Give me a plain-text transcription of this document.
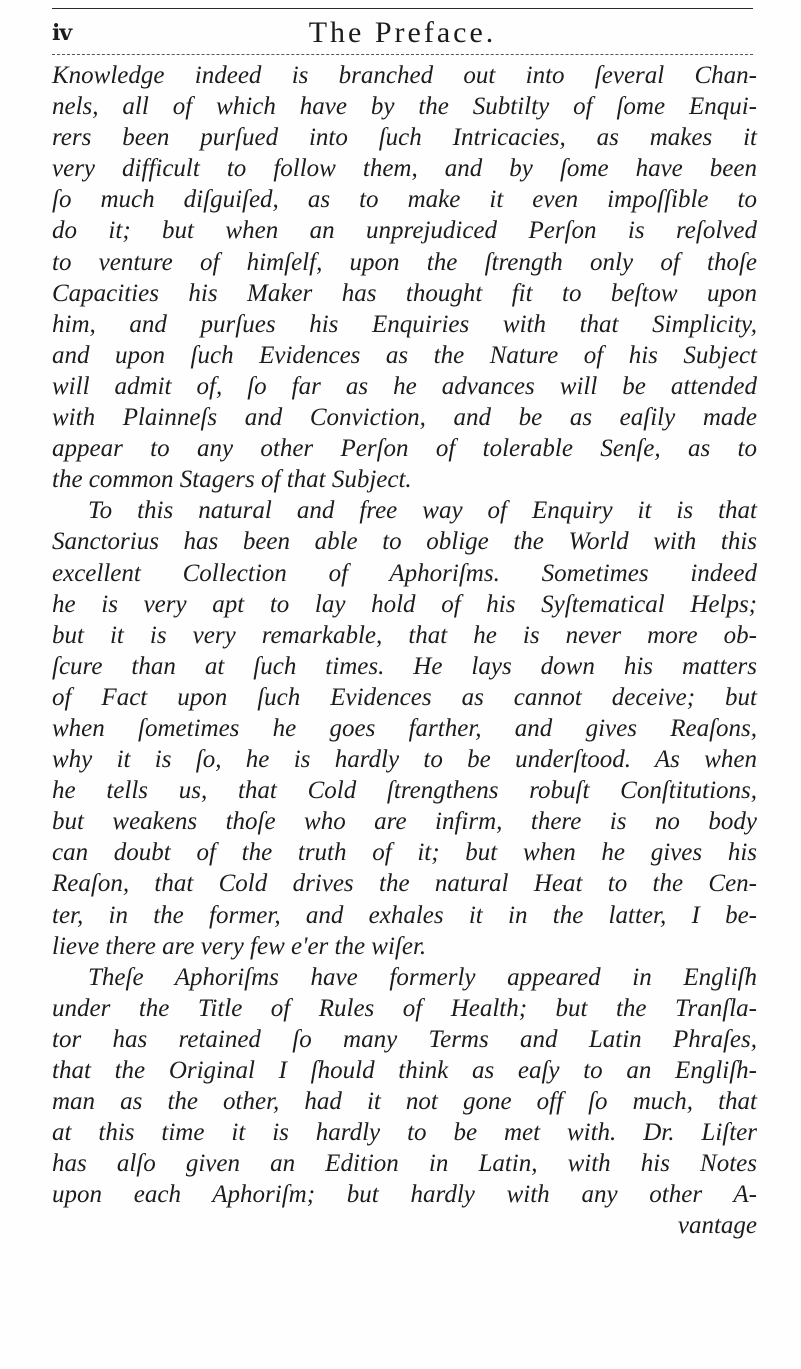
iv	The Preface.
Knowledge indeed is branched out into ſeveral Chan-
nels, all of which have by the Subtilty of ſome Enqui-
rers been purſued into ſuch Intricacies, as makes it
very difficult to follow them, and by ſome have been
ſo much diſguiſed, as to make it even impoſſible to
do it; but when an unprejudiced Perſon is reſolved
to venture of himſelf, upon the ſtrength only of thoſe
Capacities his Maker has thought fit to beſtow upon
him, and purſues his Enquiries with that Simplicity,
and upon ſuch Evidences as the Nature of his Subject
will admit of, ſo far as he advances will be attended
with Plainneſs and Conviction, and be as eaſily made
appear to any other Perſon of tolerable Senſe, as to
the common Stagers of that Subject.
To this natural and free way of Enquiry it is that
Sanctorius has been able to oblige the World with this
excellent Collection of Aphoriſms. Sometimes indeed
he is very apt to lay hold of his Syſtematical Helps;
but it is very remarkable, that he is never more ob-
ſcure than at ſuch times. He lays down his matters
of Fact upon ſuch Evidences as cannot deceive; but
when ſometimes he goes farther, and gives Reaſons,
why it is ſo, he is hardly to be underſtood. As when
he tells us, that Cold ſtrengthens robuſt Conſtitutions,
but weakens thoſe who are infirm, there is no body
can doubt of the truth of it; but when he gives his
Reaſon, that Cold drives the natural Heat to the Cen-
ter, in the former, and exhales it in the latter, I be-
lieve there are very few e'er the wiſer.
Theſe Aphoriſms have formerly appeared in Engliſh
under the Title of Rules of Health; but the Tranſla-
tor has retained ſo many Terms and Latin Phraſes,
that the Original I ſhould think as eaſy to an Engliſh-
man as the other, had it not gone off ſo much, that
at this time it is hardly to be met with. Dr. Liſter
has alſo given an Edition in Latin, with his Notes
upon each Aphoriſm; but hardly with any other A-
vantage
